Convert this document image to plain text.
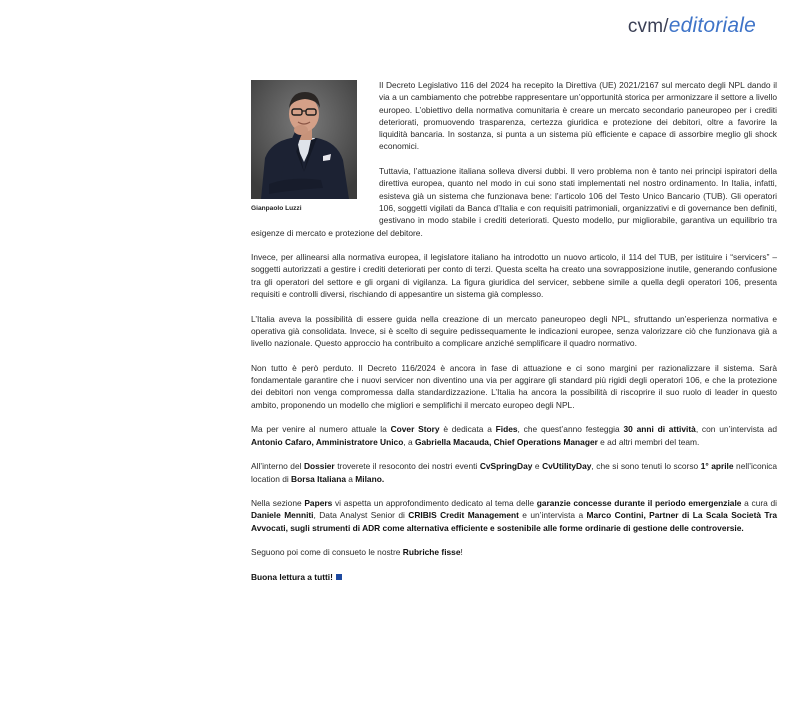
cvm/editoriale
Gianpaolo Luzzi

Il Decreto Legislativo 116 del 2024 ha recepito la Direttiva (UE) 2021/2167 sul mercato degli NPL dando il via a un cambiamento che potrebbe rappresentare un’opportunità storica per armonizzare il settore a livello europeo. L’obiettivo della normativa comunitaria è creare un mercato secondario paneuropeo per i crediti deteriorati, promuovendo trasparenza, certezza giuridica e protezione dei debitori, oltre a favorire la liquidità bancaria. In sostanza, si punta a un sistema più efficiente e capace di assorbire meglio gli shock economici.

Tuttavia, l’attuazione italiana solleva diversi dubbi. Il vero problema non è tanto nei principi ispiratori della direttiva europea, quanto nel modo in cui sono stati implementati nel nostro ordinamento. In Italia, infatti, esisteva già un sistema che funzionava bene: l’articolo 106 del Testo Unico Bancario (TUB). Gli operatori 106, soggetti vigilati da Banca d’Italia e con requisiti patrimoniali, organizzativi e di governance ben definiti, gestivano in modo stabile i crediti deteriorati. Questo modello, pur migliorabile, garantiva un equilibrio tra esigenze di mercato e protezione del debitore.

Invece, per allinearsi alla normativa europea, il legislatore italiano ha introdotto un nuovo articolo, il 114 del TUB, per istituire i “servicers” – soggetti autorizzati a gestire i crediti deteriorati per conto di terzi. Questa scelta ha creato una sovrapposizione inutile, generando confusione tra gli operatori del settore e gli organi di vigilanza. La figura giuridica del servicer, sebbene simile a quella degli operatori 106, presenta requisiti e controlli diversi, rischiando di appesantire un sistema già complesso.

L’Italia aveva la possibilità di essere guida nella creazione di un mercato paneuropeo degli NPL, sfruttando un’esperienza normativa e operativa già consolidata. Invece, si è scelto di seguire pedissequamente le indicazioni europee, senza valorizzare ciò che funzionava già a livello nazionale. Questo approccio ha contribuito a complicare anziché semplificare il quadro normativo.

Non tutto è però perduto. Il Decreto 116/2024 è ancora in fase di attuazione e ci sono margini per razionalizzare il sistema. Sarà fondamentale garantire che i nuovi servicer non diventino una via per aggirare gli standard più rigidi degli operatori 106, e che la protezione dei debitori non venga compromessa dalla standardizzazione. L’Italia ha ancora la possibilità di riscoprire il suo ruolo di leader in questo ambito, proponendo un modello che migliori e semplifichi il mercato europeo degli NPL.

Ma per venire al numero attuale la Cover Story è dedicata a Fides, che quest’anno festeggia 30 anni di attività, con un’intervista ad Antonio Cafaro, Amministratore Unico, a Gabriella Macauda, Chief Operations Manager e ad altri membri del team.

All’interno del Dossier troverete il resoconto dei nostri eventi CvSpringDay e CvUtilityDay, che si sono tenuti lo scorso 1° aprile nell’iconica location di Borsa Italiana a Milano.

Nella sezione Papers vi aspetta un approfondimento dedicato al tema delle garanzie concesse durante il periodo emergenziale a cura di Daniele Menniti, Data Analyst Senior di CRIBIS Credit Management e un’intervista a Marco Contini, Partner di La Scala Società Tra Avvocati, sugli strumenti di ADR come alternativa efficiente e sostenibile alle forme ordinarie di gestione delle controversie.

Seguono poi come di consueto le nostre Rubriche fisse!

Buona lettura a tutti!
